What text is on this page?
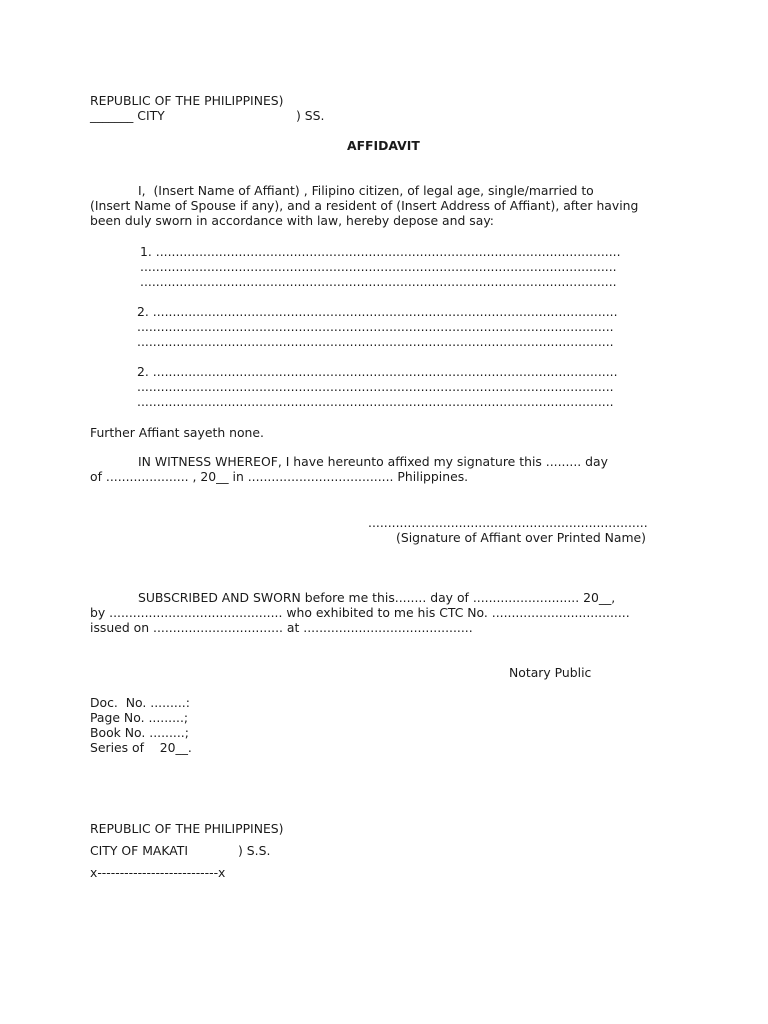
REPUBLIC OF THE PHILIPPINES)
_______ CITY	) SS.
AFFIDAVIT
I,  (Insert Name of Affiant) , Filipino citizen, of legal age, single/married to
(Insert Name of Spouse if any), and a resident of (Insert Address of Affiant), after having
been duly sworn in accordance with law, hereby depose and say:
1. ......................................................................................................................
.........................................................................................................................
.........................................................................................................................
2. ......................................................................................................................
.........................................................................................................................
.........................................................................................................................
2. ......................................................................................................................
.........................................................................................................................
.........................................................................................................................
Further Affiant sayeth none.
IN WITNESS WHEREOF, I have hereunto affixed my signature this ......... day
of ..................... , 20__ in ..................................... Philippines.
.......................................................................
(Signature of Affiant over Printed Name)
SUBSCRIBED AND SWORN before me this........ day of ........................... 20__,
by ............................................ who exhibited to me his CTC No. ...................................
issued on ................................. at ...........................................
Notary Public
Doc.  No. .........:
Page No. .........;
Book No. .........;
Series of    20__.
REPUBLIC OF THE PHILIPPINES)
CITY OF MAKATI	) S.S.
x---------------------------x
